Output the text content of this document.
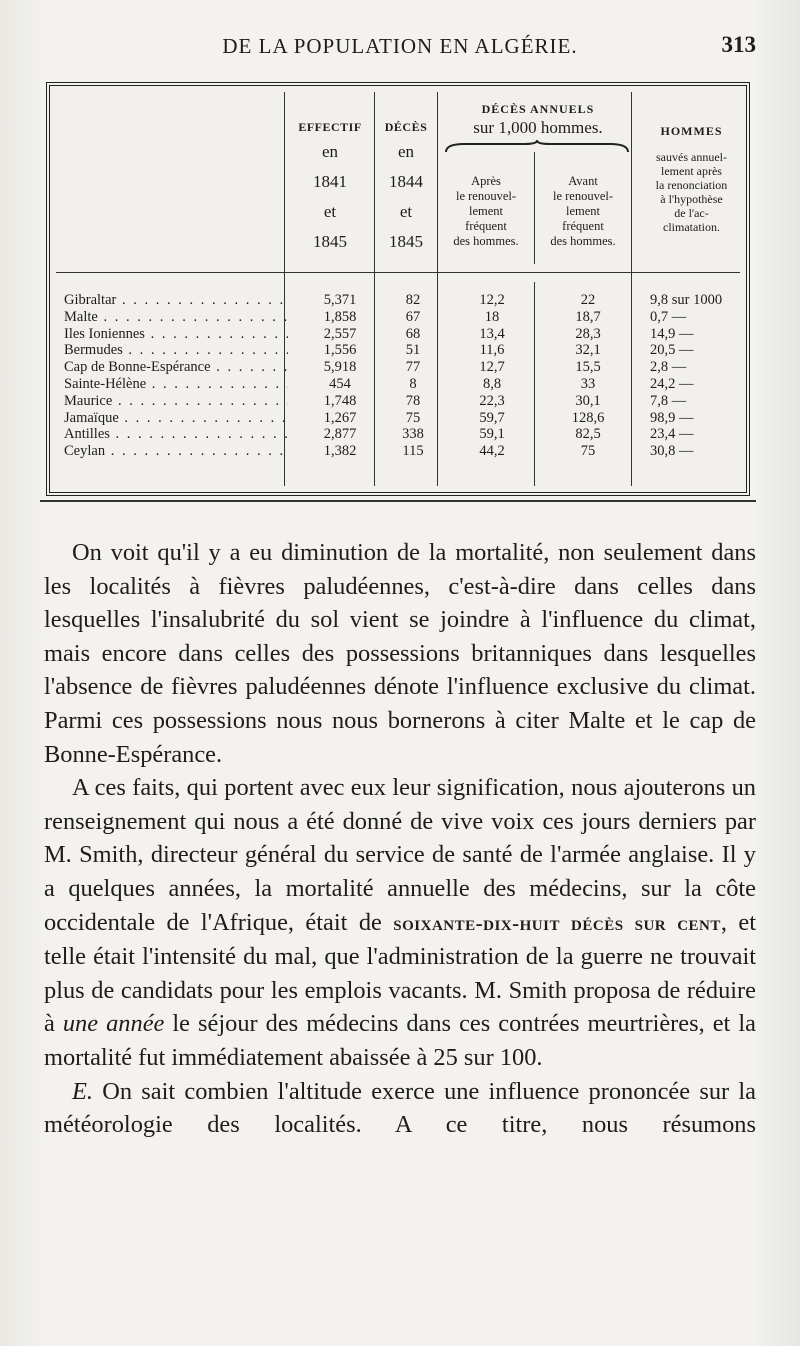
DE LA POPULATION EN ALGÉRIE.	313
EFFECTIF
en
1841
et
1845
DÉCÈS
en
1844
et
1845
DÉCÈS ANNUELS
sur 1,000 hommes.
Après
le renouvel-
lement
fréquent
des hommes.
Avant
le renouvel-
lement
fréquent
des hommes.
HOMMES
sauvés annuel-
lement après
la renonciation
à l'hypothèse
de l'ac-
climatation.
Gibraltar . . .	5,371	82	12,2	22	9,8 sur 1000
Malte . . .	1,858	67	18	18,7	0,7 —
Iles Ioniennes . . .	2,557	68	13,4	28,3	14,9 —
Bermudes . . .	1,556	51	11,6	32,1	20,5 —
Cap de Bonne-Espérance . . .	5,918	77	12,7	15,5	2,8 —
Sainte-Hélène . . .	454	8	8,8	33	24,2 —
Maurice . . .	1,748	78	22,3	30,1	7,8 —
Jamaïque . . .	1,267	75	59,7	128,6	98,9 —
Antilles . . .	2,877	338	59,1	82,5	23,4 —
Ceylan . . .	1,382	115	44,2	75	30,8 —

On voit qu'il y a eu diminution de la mortalité, non seulement dans les localités à fièvres paludéennes, c'est-à-dire dans celles dans lesquelles l'insalubrité du sol vient se joindre à l'influence du climat, mais encore dans celles des possessions britanniques dans lesquelles l'absence de fièvres paludéennes dénote l'influence exclusive du climat. Parmi ces possessions nous nous bornerons à citer Malte et le cap de Bonne-Espérance.

A ces faits, qui portent avec eux leur signification, nous ajouterons un renseignement qui nous a été donné de vive voix ces jours derniers par M. Smith, directeur général du service de santé de l'armée anglaise. Il y a quelques années, la mortalité annuelle des médecins, sur la côte occidentale de l'Afrique, était de soixante-dix-huit décès sur cent, et telle était l'intensité du mal, que l'administration de la guerre ne trouvait plus de candidats pour les emplois vacants. M. Smith proposa de réduire à une année le séjour des médecins dans ces contrées meurtrières, et la mortalité fut immédiatement abaissée à 25 sur 100.

E. On sait combien l'altitude exerce une influence prononcée sur la météorologie des localités. A ce titre, nous résumons
